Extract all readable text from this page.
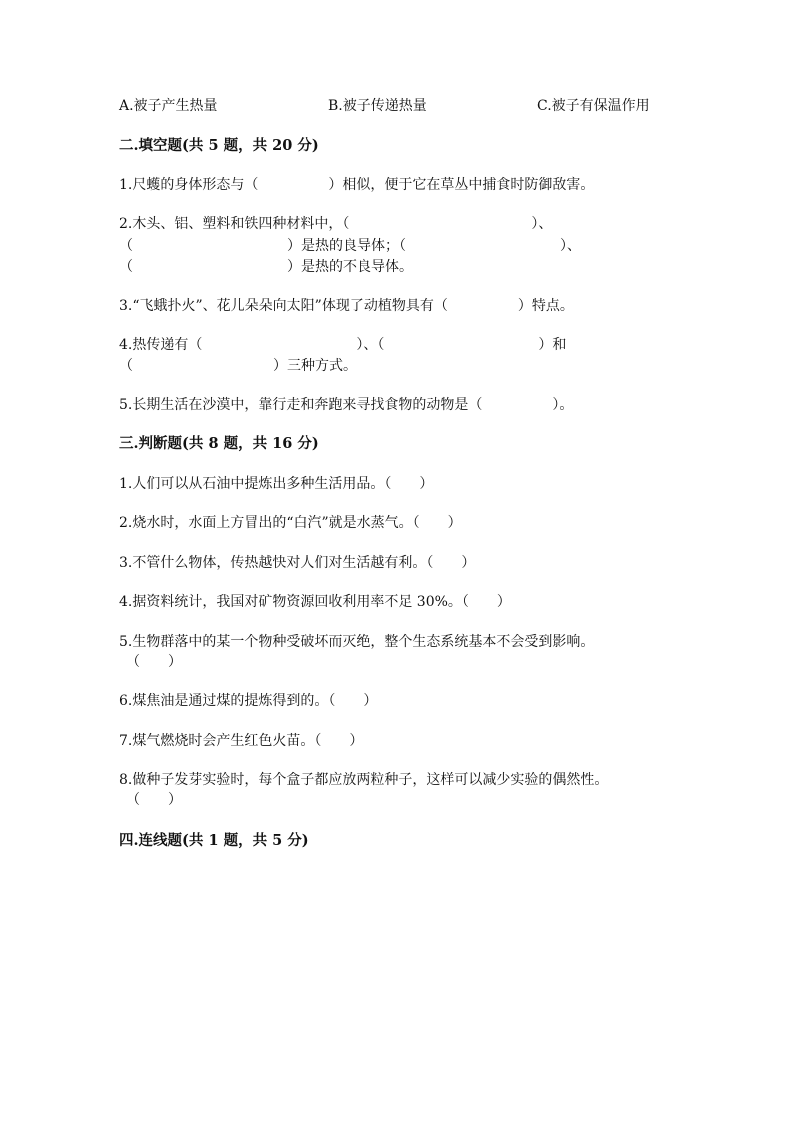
A.被子产生热量	B.被子传递热量	C.被子有保温作用
二.填空题(共 5 题，共 20 分)
1.尺蠖的身体形态与（　　　　　）相似，便于它在草丛中捕食时防御敌害。
2.木头、铝、塑料和铁四种材料中，（　　　　　　　　　　　　　）、
（　　　　　　　　　　　）是热的良导体；（　　　　　　　　　　　）、
（　　　　　　　　　　　）是热的不良导体。
3.“飞蛾扑火”、花儿朵朵向太阳”体现了动植物具有（　　　　　）特点。
4.热传递有（　　　　　　　　　　　）、（　　　　　　　　　　　）和
（　　　　　　　　　　）三种方式。
5.长期生活在沙漠中，靠行走和奔跑来寻找食物的动物是（　　　　　）。
三.判断题(共 8 题，共 16 分)
1.人们可以从石油中提炼出多种生活用品。（　　）
2.烧水时，水面上方冒出的“白汽”就是水蒸气。（　　）
3.不管什么物体，传热越快对人们对生活越有利。（　　）
4.据资料统计，我国对矿物资源回收利用率不足 30%。（　　）
5.生物群落中的某一个物种受破坏而灭绝，整个生态系统基本不会受到影响。
（　　）
6.煤焦油是通过煤的提炼得到的。（　　）
7.煤气燃烧时会产生红色火苗。（　　）
8.做种子发芽实验时，每个盒子都应放两粒种子，这样可以减少实验的偶然性。
（　　）
四.连线题(共 1 题，共 5 分)
